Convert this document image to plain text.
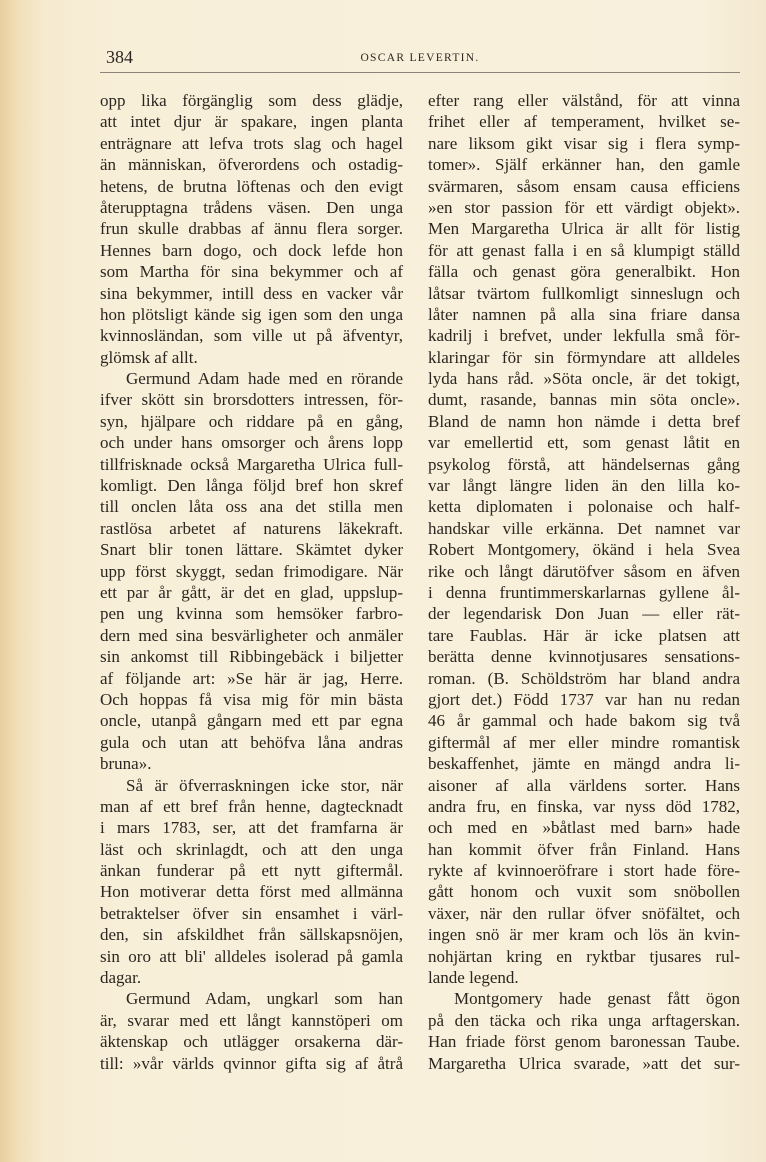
384	OSCAR LEVERTIN.
opp lika förgänglig som dess glädje,
att intet djur är spakare, ingen planta
enträgnare att lefva trots slag och hagel
än människan, öfverordens och ostadig-
hetens, de brutna löftenas och den evigt
återupptagna trådens väsen. Den unga
frun skulle drabbas af ännu flera sorger.
Hennes barn dogo, och dock lefde hon
som Martha för sina bekymmer och af
sina bekymmer, intill dess en vacker vår
hon plötsligt kände sig igen som den unga
kvinnosländan, som ville ut på äfventyr,
glömsk af allt.
Germund Adam hade med en rörande
ifver skött sin brorsdotters intressen, för-
syn, hjälpare och riddare på en gång,
och under hans omsorger och årens lopp
tillfrisknade också Margaretha Ulrica full-
komligt. Den långa följd bref hon skref
till onclen låta oss ana det stilla men
rastlösa arbetet af naturens läkekraft.
Snart blir tonen lättare. Skämtet dyker
upp först skyggt, sedan frimodigare. När
ett par år gått, är det en glad, uppslup-
pen ung kvinna som hemsöker farbro-
dern med sina besvärligheter och anmäler
sin ankomst till Ribbingebäck i biljetter
af följande art: »Se här är jag, Herre.
Och hoppas få visa mig för min bästa
oncle, utanpå gångarn med ett par egna
gula och utan att behöfva låna andras
bruna».
Så är öfverraskningen icke stor, när
man af ett bref från henne, dagtecknadt
i mars 1783, ser, att det framfarna är
läst och skrinlagdt, och att den unga
änkan funderar på ett nytt giftermål.
Hon motiverar detta först med allmänna
betraktelser öfver sin ensamhet i värl-
den, sin afskildhet från sällskapsnöjen,
sin oro att bli' alldeles isolerad på gamla
dagar.
Germund Adam, ungkarl som han
är, svarar med ett långt kannstöperi om
äktenskap och utlägger orsakerna där-
till: »vår världs qvinnor gifta sig af åtrå
efter rang eller välstånd, för att vinna
frihet eller af temperament, hvilket se-
nare liksom gikt visar sig i flera symp-
tomer». Själf erkänner han, den gamle
svärmaren, såsom ensam causa efficiens
»en stor passion för ett värdigt objekt».
Men Margaretha Ulrica är allt för listig
för att genast falla i en så klumpigt ställd
fälla och genast göra generalbikt. Hon
låtsar tvärtom fullkomligt sinneslugn och
låter namnen på alla sina friare dansa
kadrilj i brefvet, under lekfulla små för-
klaringar för sin förmyndare att alldeles
lyda hans råd. »Söta oncle, är det tokigt,
dumt, rasande, bannas min söta oncle».
Bland de namn hon nämde i detta bref
var emellertid ett, som genast låtit en
psykolog förstå, att händelsernas gång
var långt längre liden än den lilla ko-
ketta diplomaten i polonaise och half-
handskar ville erkänna. Det namnet var
Robert Montgomery, ökänd i hela Svea
rike och långt därutöfver såsom en äfven
i denna fruntimmerskarlarnas gyllene ål-
der legendarisk Don Juan — eller rät-
tare Faublas. Här är icke platsen att
berätta denne kvinnotjusares sensations-
roman. (B. Schöldström har bland andra
gjort det.) Född 1737 var han nu redan
46 år gammal och hade bakom sig två
giftermål af mer eller mindre romantisk
beskaffenhet, jämte en mängd andra li-
aisoner af alla världens sorter. Hans
andra fru, en finska, var nyss död 1782,
och med en »båtlast med barn» hade
han kommit öfver från Finland. Hans
rykte af kvinnoeröfrare i stort hade före-
gått honom och vuxit som snöbollen
växer, när den rullar öfver snöfältet, och
ingen snö är mer kram och lös än kvin-
nohjärtan kring en ryktbar tjusares rul-
lande legend.
Montgomery hade genast fått ögon
på den täcka och rika unga arftagerskan.
Han friade först genom baronessan Taube.
Margaretha Ulrica svarade, »att det sur-
